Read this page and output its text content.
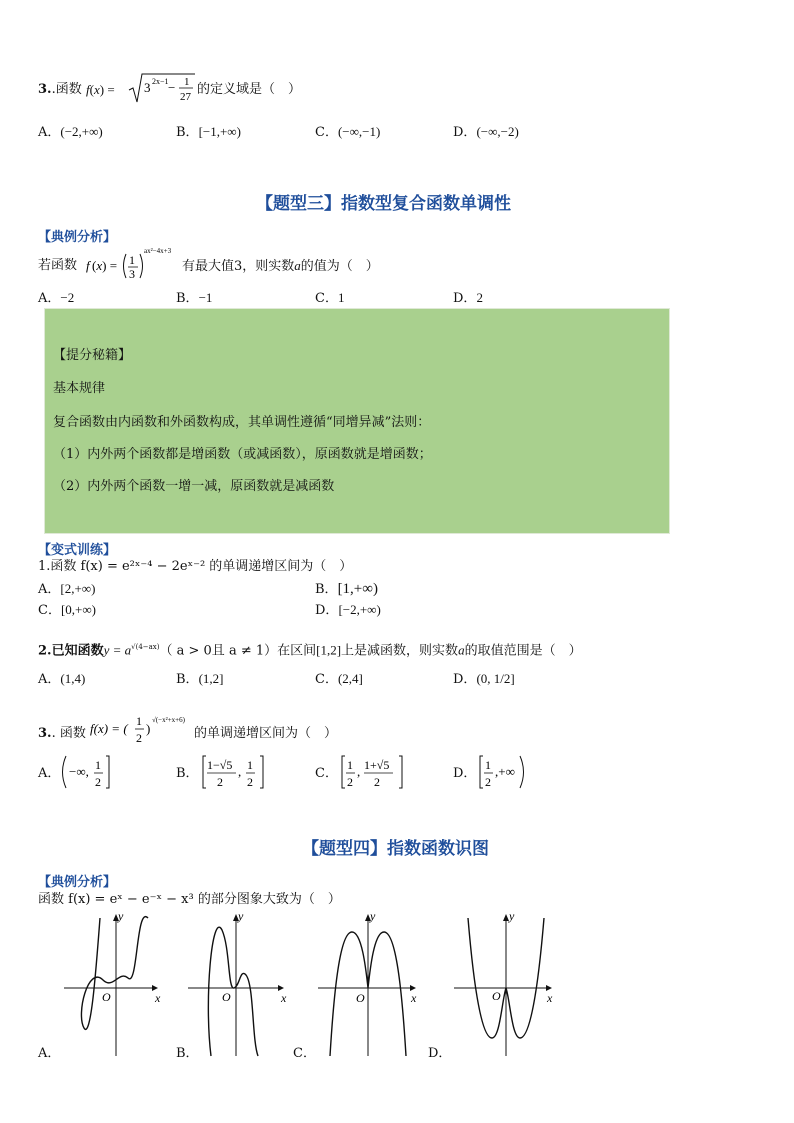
3..函数 f(x) = 3 2x−1 − 1
27 的定义域是（　）
A．(−2,+∞)	B．[−1,+∞)	C．(−∞,−1)	D．(−∞,−2)
【题型三】指数型复合函数单调性
【典例分析】
若函数 f (x) = 1
3
ax²−4x+3
有最大值3，则实数a的值为（　）
A．−2	B．−1	C．1	D．2
【提分秘籍】
基本规律
复合函数由内函数和外函数构成，其单调性遵循“同增异减”法则：
（1）内外两个函数都是增函数（或减函数），原函数就是增函数；
（2）内外两个函数一增一减，原函数就是减函数
【变式训练】
1.函数 f(x) = e²ˣ⁻⁴ − 2eˣ⁻² 的单调递增区间为（　）
A．[2,+∞)	B．[1,+∞)
C．[0,+∞)	D．[−2,+∞)
2.已知函数$y = a^{√(4-ax)}$（ a > 0且 a ≠ 1）在区间[1,2]上是减函数，则实数a的取值范围是（　）
A．(1,4)	B．(1,2]	C．(2,4]	D．(0, 1/2]
3.. 函数 f(x) = ( 1
2
)
√(−x²+x+6)
的单调递增区间为（　）
A． −∞, 1
2
B．
1−√5
2
, 1
2
C．
1
2
, 1+√5
2
D．
1
2
,+∞
【题型四】指数函数识图
【典例分析】
函数 f(x) = eˣ − e⁻ˣ − x³ 的部分图象大致为（　）
y
x
O
A．
y
x
O
B．
y
x
O
C．
y
x
O
D．
